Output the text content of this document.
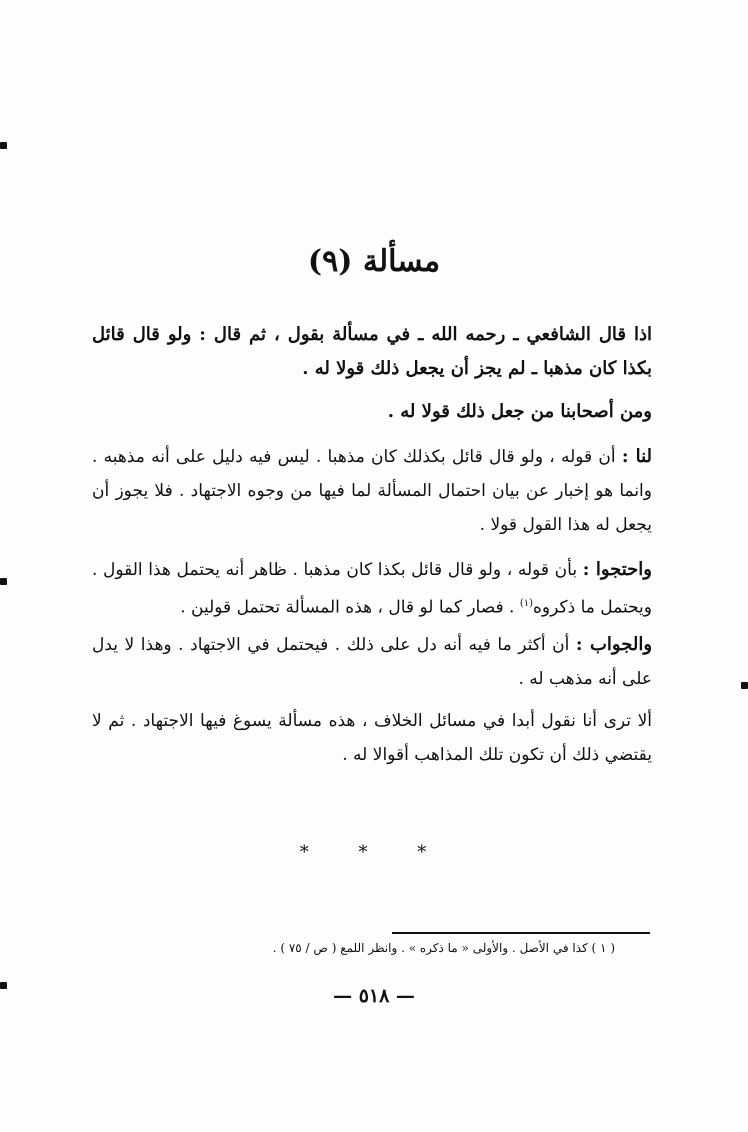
مسألة (٩)
اذا قال الشافعي ـ رحمه الله ـ في مسألة بقول ، ثم قال : ولو قال قائل بكذا كان مذهبا ـ لم يجز أن يجعل ذلك قولا له .
ومن أصحابنا من جعل ذلك قولا له .
لنا : أن قوله ، ولو قال قائل بكذلك كان مذهبا . ليس فيه دليل على أنه مذهبه . وانما هو إخبار عن بيان احتمال المسألة لما فيها من وجوه الاجتهاد . فلا يجوز أن يجعل له هذا القول قولا .
واحتجوا : بأن قوله ، ولو قال قائل بكذا كان مذهبا . ظاهر أنه يحتمل هذا القول . ويحتمل ما ذكروه$^{(١)}$ . فصار كما لو قال ، هذه المسألة تحتمل قولين .
والجواب : أن أكثر ما فيه أنه دل على ذلك . فيحتمل في الاجتهاد . وهذا لا يدل على أنه مذهب له .
ألا ترى أنا نقول أبدا في مسائل الخلاف ، هذه مسألة يسوغ فيها الاجتهاد . ثم لا يقتضي ذلك أن تكون تلك المذاهب أقوالا له .
* * *
( ١ ) كذا في الأصل . والأولى « ما ذكره » . وانظر اللمع ( ص / ٧٥ ) .
— ٥١٨ —
